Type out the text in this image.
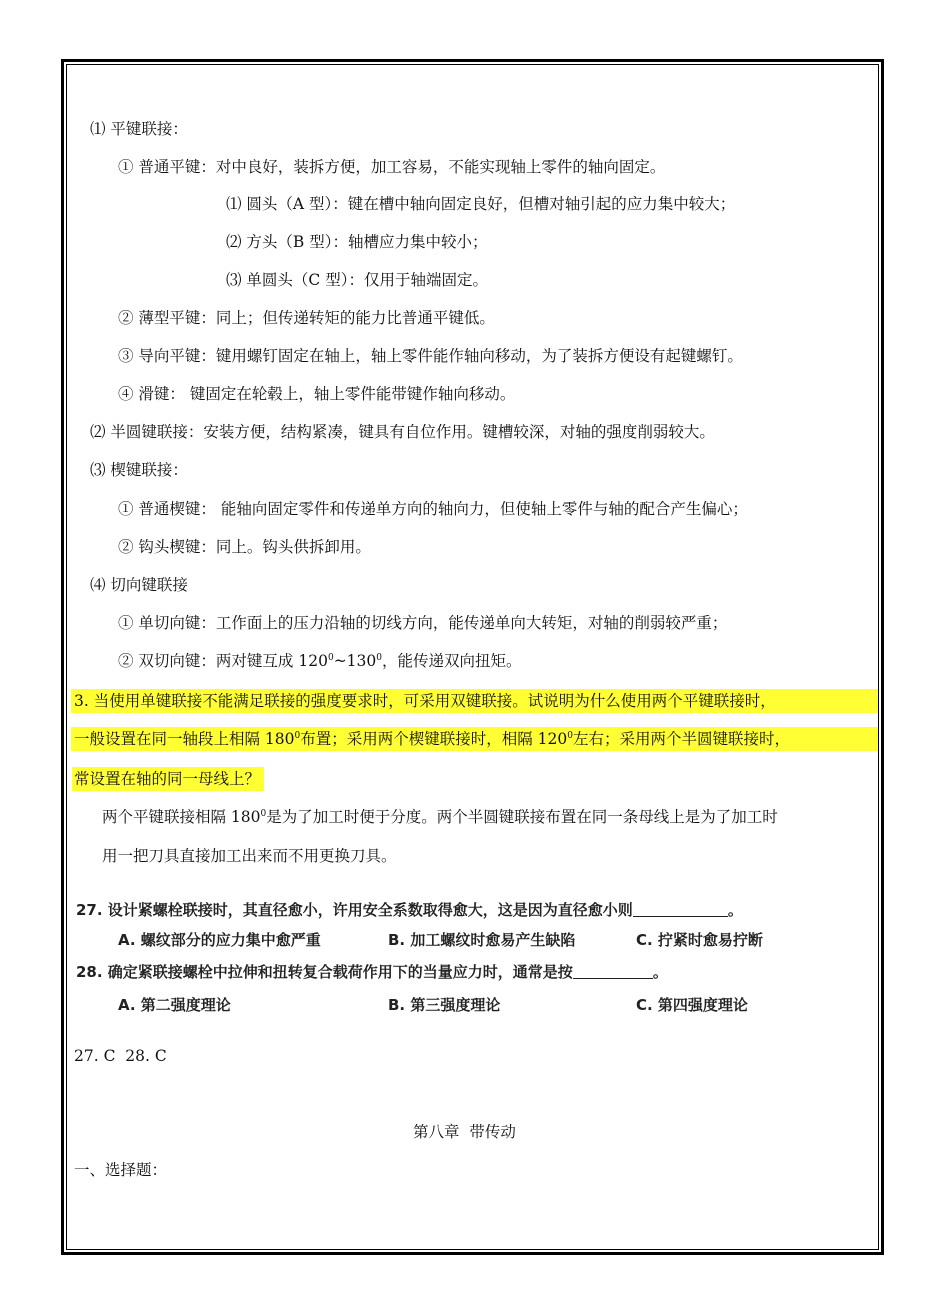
⑴ 平键联接：
① 普通平键：对中良好，装拆方便，加工容易，不能实现轴上零件的轴向固定。
⑴ 圆头（A 型）：键在槽中轴向固定良好，但槽对轴引起的应力集中较大；
⑵ 方头（B 型）：轴槽应力集中较小；
⑶ 单圆头（C 型）：仅用于轴端固定。
② 薄型平键：同上；但传递转矩的能力比普通平键低。
③ 导向平键：键用螺钉固定在轴上，轴上零件能作轴向移动，为了装拆方便设有起键螺钉。
④ 滑键： 键固定在轮毂上，轴上零件能带键作轴向移动。
⑵ 半圆键联接：安装方便，结构紧凑，键具有自位作用。键槽较深，对轴的强度削弱较大。
⑶ 楔键联接：
① 普通楔键： 能轴向固定零件和传递单方向的轴向力，但使轴上零件与轴的配合产生偏心；
② 钩头楔键：同上。钩头供拆卸用。
⑷ 切向键联接
① 单切向键：工作面上的压力沿轴的切线方向，能传递单向大转矩，对轴的削弱较严重；
② 双切向键：两对键互成 $120^0\sim 130^0$，能传递双向扭矩。
3. 当使用单键联接不能满足联接的强度要求时，可采用双键联接。试说明为什么使用两个平键联接时，
一般设置在同一轴段上相隔 $180^0$布置；采用两个楔键联接时，相隔 $120^0$左右；采用两个半圆键联接时，
常设置在轴的同一母线上？
两个平键联接相隔 $180^0$是为了加工时便于分度。两个半圆键联接布置在同一条母线上是为了加工时
用一把刀具直接加工出来而不用更换刀具。
27. 设计紧螺栓联接时，其直径愈小，许用安全系数取得愈大，这是因为直径愈小则	。
A. 螺纹部分的应力集中愈严重	B. 加工螺纹时愈易产生缺陷	C. 拧紧时愈易拧断
28. 确定紧联接螺栓中拉伸和扭转复合载荷作用下的当量应力时，通常是按	。
A. 第二强度理论	B. 第三强度理论	C. 第四强度理论
27. C  28. C
第八章  带传动
一、选择题：
